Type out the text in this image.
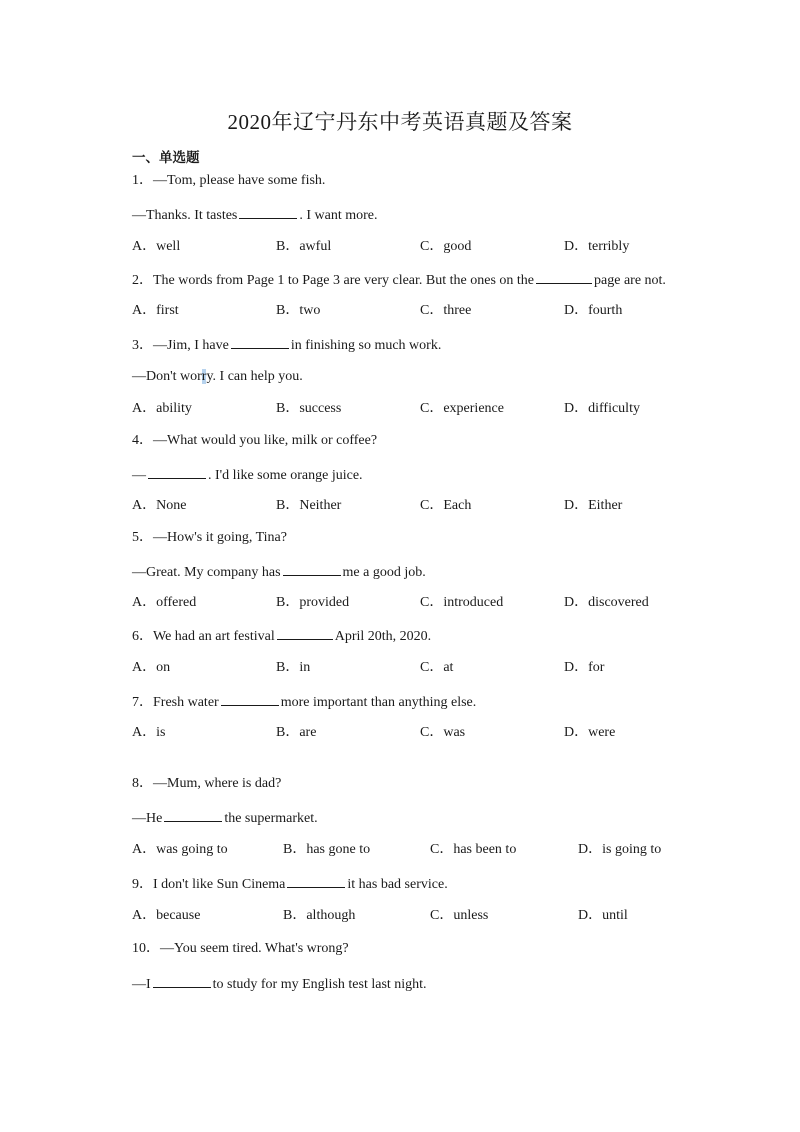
2020年辽宁丹东中考英语真题及答案
一、单选题
1．—Tom, please have some fish.
—Thanks. It tastes	. I want more.
A．well	B．awful	C．good	D．terribly
2．The words from Page 1 to Page 3 are very clear. But the ones on the	page are not.
A．first	B．two	C．three	D．fourth
3．—Jim, I have	in finishing so much work.
—Don't worry. I can help you.
A．ability	B．success	C．experience	D．difficulty
4．—What would you like, milk or coffee?
—	. I'd like some orange juice.
A．None	B．Neither	C．Each	D．Either
5．—How's it going, Tina?
—Great. My company has	me a good job.
A．offered	B．provided	C．introduced	D．discovered
6．We had an art festival	April 20th, 2020.
A．on	B．in	C．at	D．for
7．Fresh water	more important than anything else.
A．is	B．are	C．was	D．were
8．—Mum, where is dad?
—He	the supermarket.
A．was going to	B．has gone to	C．has been to	D．is going to
9．I don't like Sun Cinema	it has bad service.
A．because	B．although	C．unless	D．until
10．—You seem tired. What's wrong?
—I	to study for my English test last night.
